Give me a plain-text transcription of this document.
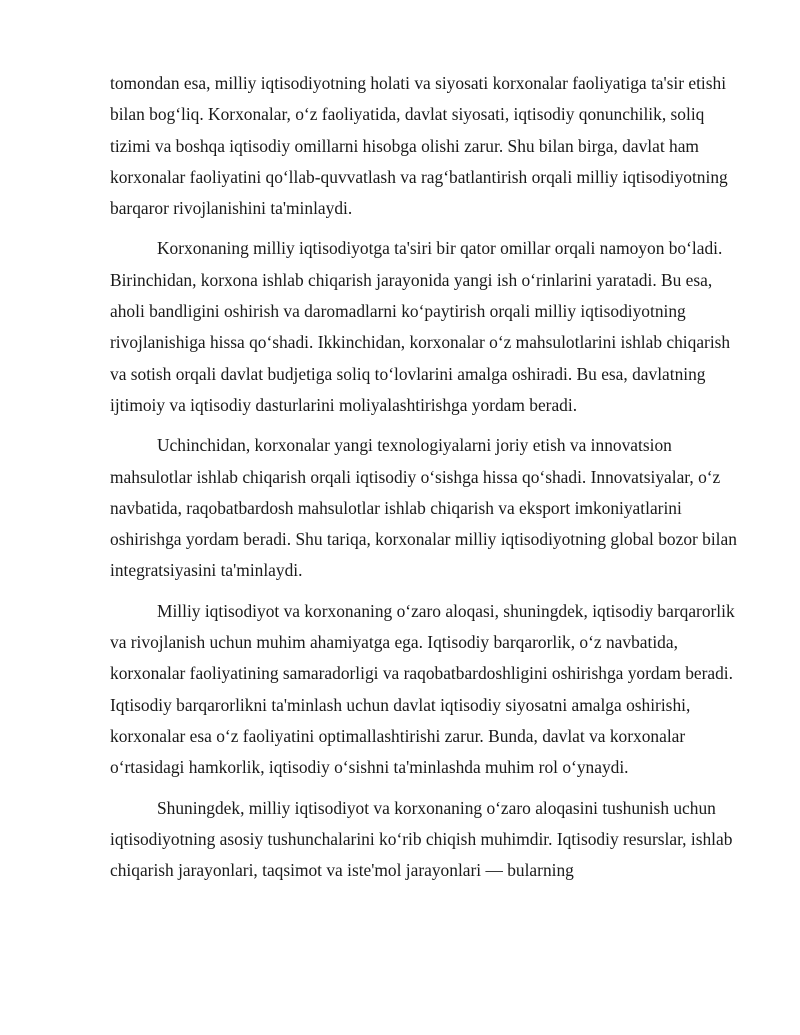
tomondan esa, milliy iqtisodiyotning holati va siyosati korxonalar faoliyatiga ta'sir etishi bilan bog‘liq. Korxonalar, o‘z faoliyatida, davlat siyosati, iqtisodiy qonunchilik, soliq tizimi va boshqa iqtisodiy omillarni hisobga olishi zarur. Shu bilan birga, davlat ham korxonalar faoliyatini qo‘llab-quvvatlash va rag‘batlantirish orqali milliy iqtisodiyotning barqaror rivojlanishini ta'minlaydi.

Korxonaning milliy iqtisodiyotga ta'siri bir qator omillar orqali namoyon bo‘ladi. Birinchidan, korxona ishlab chiqarish jarayonida yangi ish o‘rinlarini yaratadi. Bu esa, aholi bandligini oshirish va daromadlarni ko‘paytirish orqali milliy iqtisodiyotning rivojlanishiga hissa qo‘shadi. Ikkinchidan, korxonalar o‘z mahsulotlarini ishlab chiqarish va sotish orqali davlat budjetiga soliq to‘lovlarini amalga oshiradi. Bu esa, davlatning ijtimoiy va iqtisodiy dasturlarini moliyalashtirishga yordam beradi.

Uchinchidan, korxonalar yangi texnologiyalarni joriy etish va innovatsion mahsulotlar ishlab chiqarish orqali iqtisodiy o‘sishga hissa qo‘shadi. Innovatsiyalar, o‘z navbatida, raqobatbardosh mahsulotlar ishlab chiqarish va eksport imkoniyatlarini oshirishga yordam beradi. Shu tariqa, korxonalar milliy iqtisodiyotning global bozor bilan integratsiyasini ta'minlaydi.

Milliy iqtisodiyot va korxonaning o‘zaro aloqasi, shuningdek, iqtisodiy barqarorlik va rivojlanish uchun muhim ahamiyatga ega. Iqtisodiy barqarorlik, o‘z navbatida, korxonalar faoliyatining samaradorligi va raqobatbardoshligini oshirishga yordam beradi. Iqtisodiy barqarorlikni ta'minlash uchun davlat iqtisodiy siyosatni amalga oshirishi, korxonalar esa o‘z faoliyatini optimallashtirishi zarur. Bunda, davlat va korxonalar o‘rtasidagi hamkorlik, iqtisodiy o‘sishni ta'minlashda muhim rol o‘ynaydi.

Shuningdek, milliy iqtisodiyot va korxonaning o‘zaro aloqasini tushunish uchun iqtisodiyotning asosiy tushunchalarini ko‘rib chiqish muhimdir. Iqtisodiy resurslar, ishlab chiqarish jarayonlari, taqsimot va iste'mol jarayonlari — bularning
